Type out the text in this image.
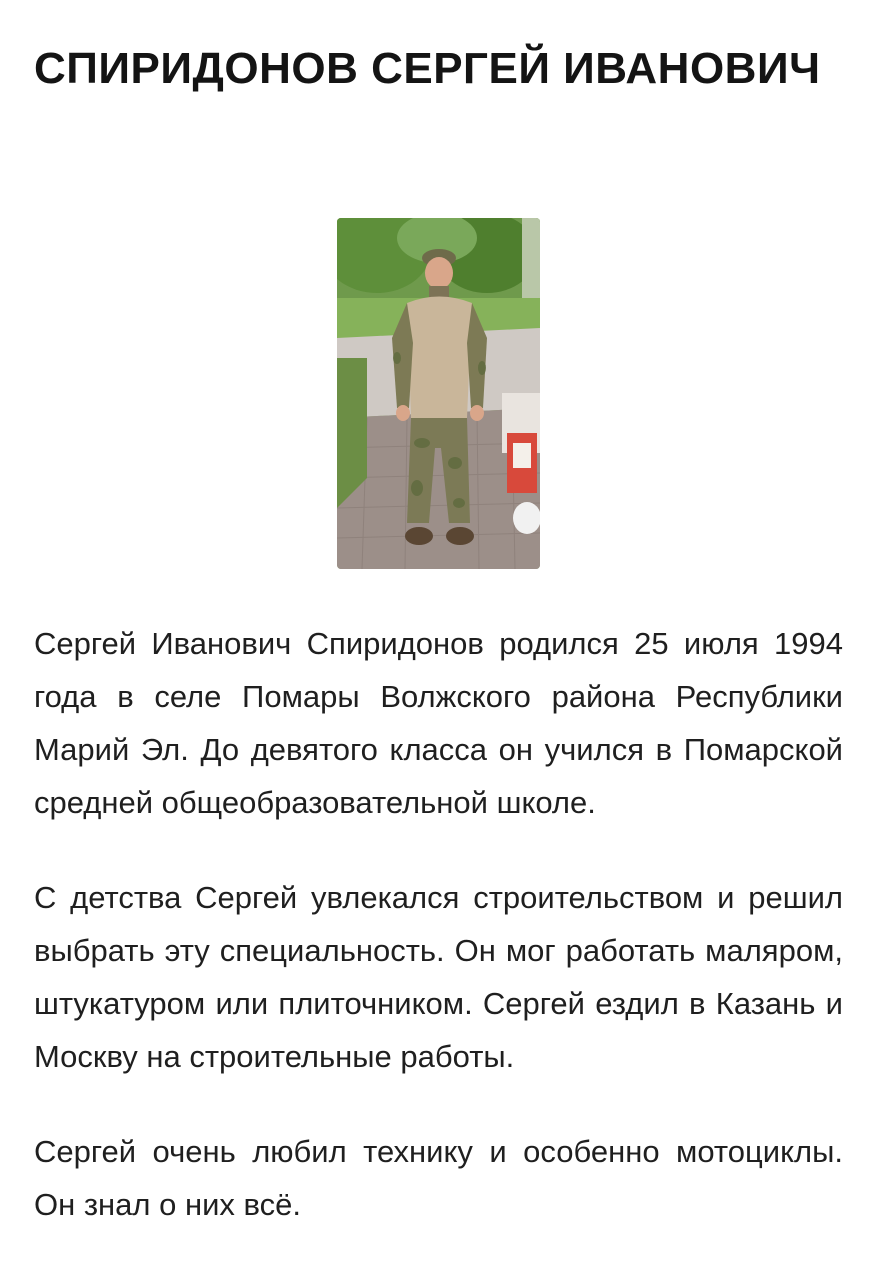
СПИРИДОНОВ СЕРГЕЙ ИВАНОВИЧ

Сергей Иванович Спиридонов родился 25 июля 1994 года в селе Помары Волжского района Республики Марий Эл. До девятого класса он учился в Помарской средней общеобразовательной школе.

С детства Сергей увлекался строительством и решил выбрать эту специальность. Он мог работать маляром, штукатуром или плиточником. Сергей ездил в Казань и Москву на строительные работы.

Сергей очень любил технику и особенно мотоциклы. Он знал о них всё.
